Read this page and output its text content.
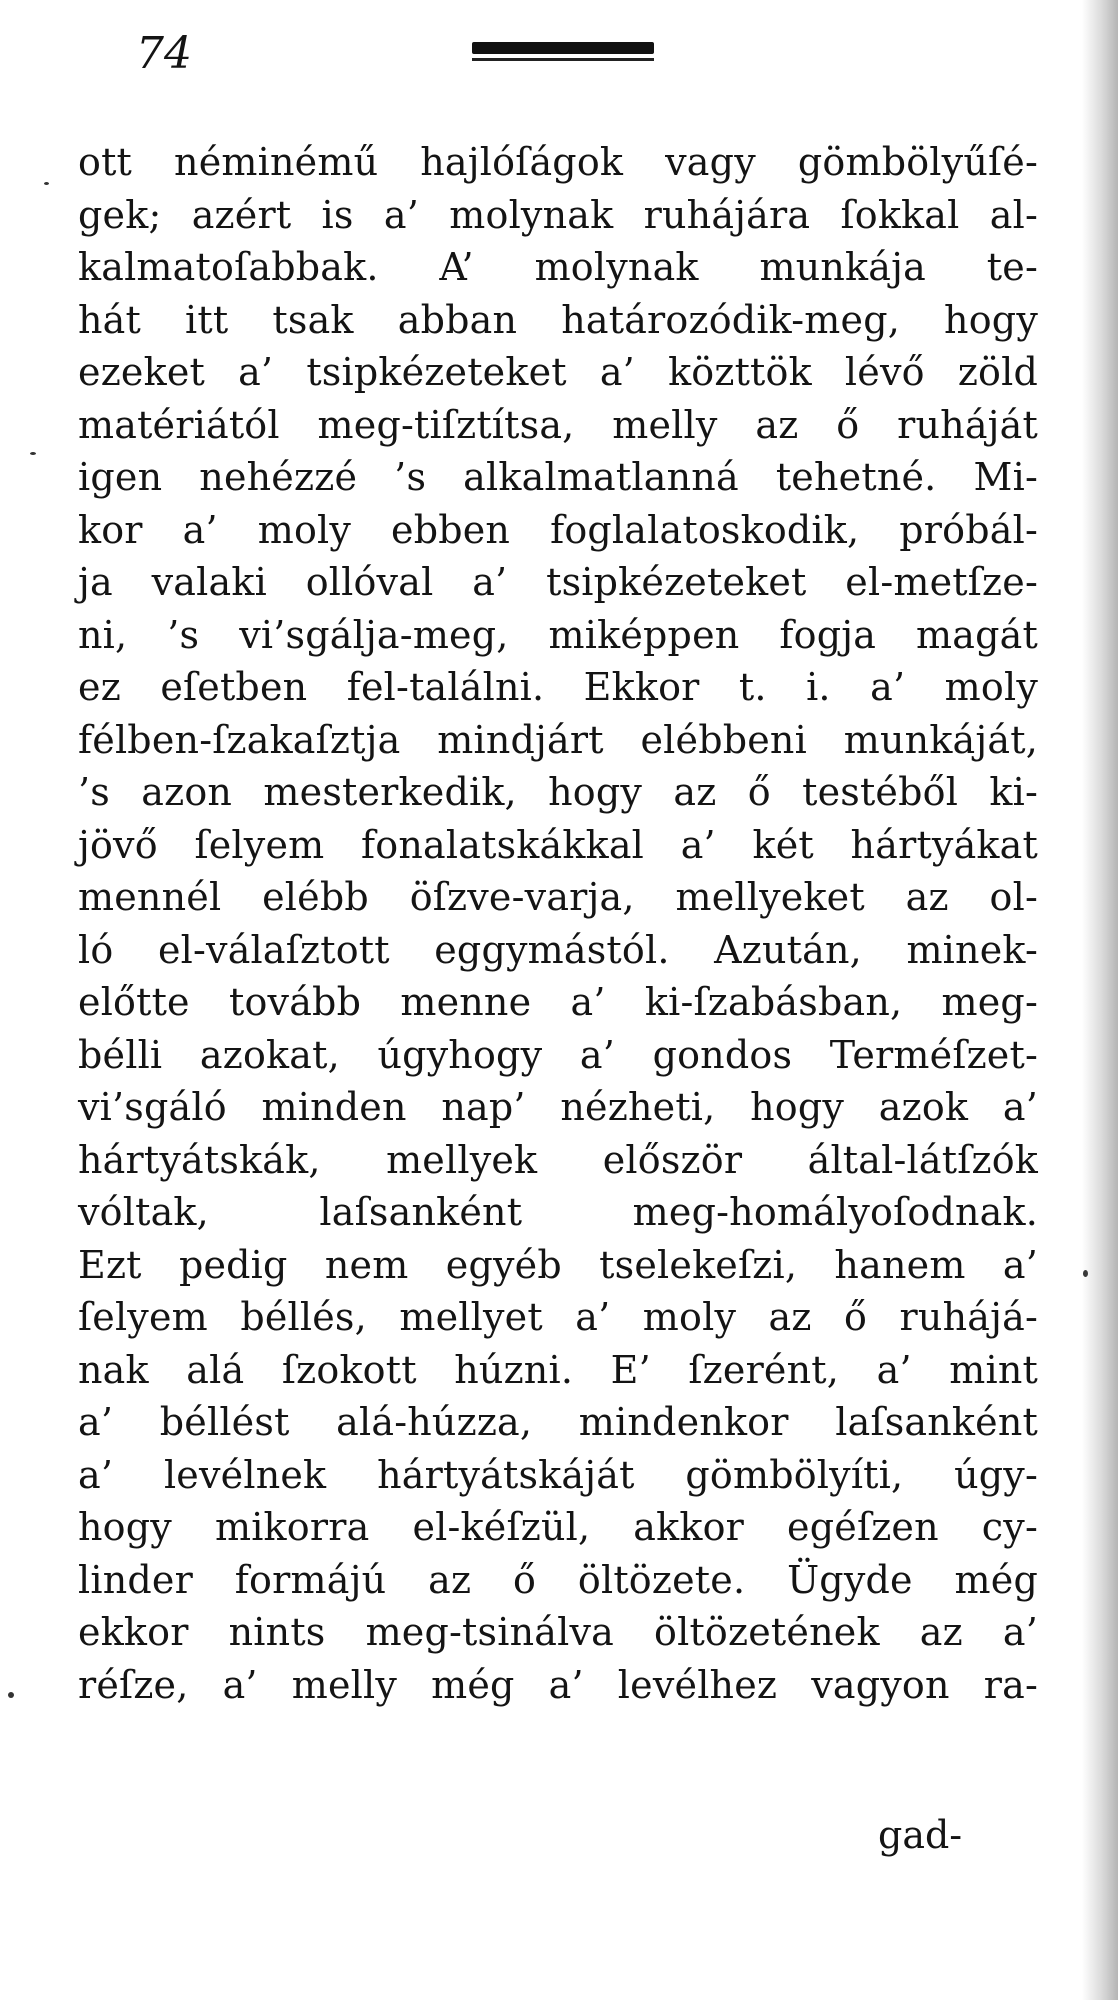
74
ott néminémű hajlóſágok vagy gömbölyűſé-
gek; azért is a’ molynak ruhájára ſokkal al-
kalmatoſabbak. A’ molynak munkája te-
hát itt tsak abban határozódik-meg, hogy
ezeket a’ tsipkézeteket a’ közttök lévő zöld
matériától meg-tiſztítsa, melly az ő ruháját
igen nehézzé ’s alkalmatlanná tehetné. Mi-
kor a’ moly ebben foglalatoskodik, próbál-
ja valaki ollóval a’ tsipkézeteket el-metſze-
ni, ’s vi’sgálja-meg, miképpen fogja magát
ez eſetben fel-találni. Ekkor t. i. a’ moly
félben-ſzakaſztja mindjárt elébbeni munkáját,
’s azon mesterkedik, hogy az ő testéből ki-
jövő ſelyem fonalatskákkal a’ két hártyákat
mennél elébb öſzve-varja, mellyeket az ol-
ló el-válaſztott eggymástól. Azután, minek-
előtte tovább menne a’ ki-ſzabásban, meg-
bélli azokat, úgyhogy a’ gondos Terméſzet-
vi’sgáló minden nap’ nézheti, hogy azok a’
hártyátskák, mellyek először által-látſzók
vóltak, laſsanként meg-homályoſodnak.
Ezt pedig nem egyéb tselekeſzi, hanem a’
ſelyem béllés, mellyet a’ moly az ő ruhájá-
nak alá ſzokott húzni. E’ ſzerént, a’ mint
a’ béllést alá-húzza, mindenkor laſsanként
a’ levélnek hártyátskáját gömbölyíti, úgy-
hogy mikorra el-kéſzül, akkor egéſzen cy-
linder formájú az ő öltözete. Ügyde még
ekkor nints meg-tsinálva öltözetének az a’
réſze, a’ melly még a’ levélhez vagyon ra-
gad-
